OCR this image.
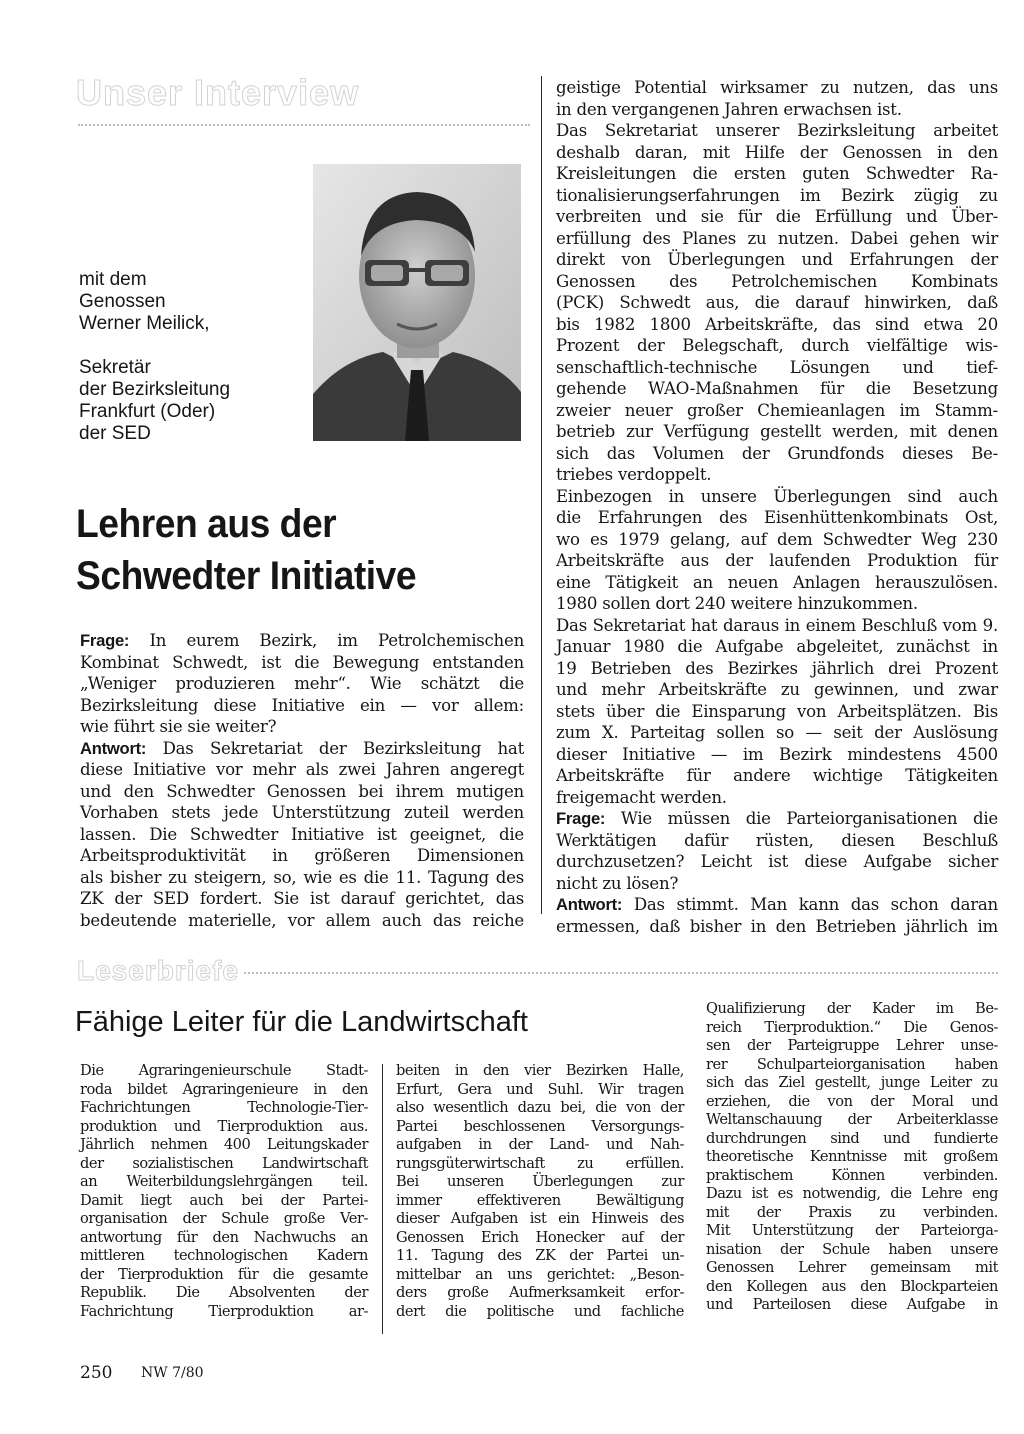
Unser Interview
mit dem
Genossen
Werner Meilick,
Sekretär
der Bezirksleitung
Frankfurt (Oder)
der SED
Lehren aus der
Schwedter Initiative
Frage: In eurem Bezirk, im Petrolchemischen
Kombinat Schwedt, ist die Bewegung entstanden
„Weniger produzieren mehr“. Wie schätzt die
Bezirksleitung diese Initiative ein — vor allem:
wie führt sie sie weiter?
Antwort: Das Sekretariat der Bezirksleitung hat
diese Initiative vor mehr als zwei Jahren angeregt
und den Schwedter Genossen bei ihrem mutigen
Vorhaben stets jede Unterstützung zuteil werden
lassen. Die Schwedter Initiative ist geeignet, die
Arbeitsproduktivität in größeren Dimensionen
als bisher zu steigern, so, wie es die 11. Tagung des
ZK der SED fordert. Sie ist darauf gerichtet, das
bedeutende materielle, vor allem auch das reiche
geistige Potential wirksamer zu nutzen, das uns
in den vergangenen Jahren erwachsen ist.
Das Sekretariat unserer Bezirksleitung arbeitet
deshalb daran, mit Hilfe der Genossen in den
Kreisleitungen die ersten guten Schwedter Ra-
tionalisierungserfahrungen im Bezirk zügig zu
verbreiten und sie für die Erfüllung und Über-
erfüllung des Planes zu nutzen. Dabei gehen wir
direkt von Überlegungen und Erfahrungen der
Genossen des Petrolchemischen Kombinats
(PCK) Schwedt aus, die darauf hinwirken, daß
bis 1982 1800 Arbeitskräfte, das sind etwa 20
Prozent der Belegschaft, durch vielfältige wis-
senschaftlich-technische Lösungen und tief-
gehende WAO-Maßnahmen für die Besetzung
zweier neuer großer Chemieanlagen im Stamm-
betrieb zur Verfügung gestellt werden, mit denen
sich das Volumen der Grundfonds dieses Be-
triebes verdoppelt.
Einbezogen in unsere Überlegungen sind auch
die Erfahrungen des Eisenhüttenkombinats Ost,
wo es 1979 gelang, auf dem Schwedter Weg 230
Arbeitskräfte aus der laufenden Produktion für
eine Tätigkeit an neuen Anlagen herauszulösen.
1980 sollen dort 240 weitere hinzukommen.
Das Sekretariat hat daraus in einem Beschluß vom 9.
Januar 1980 die Aufgabe abgeleitet, zunächst in
19 Betrieben des Bezirkes jährlich drei Prozent
und mehr Arbeitskräfte zu gewinnen, und zwar
stets über die Einsparung von Arbeitsplätzen. Bis
zum X. Parteitag sollen so — seit der Auslösung
dieser Initiative — im Bezirk mindestens 4500
Arbeitskräfte für andere wichtige Tätigkeiten
freigemacht werden.
Frage: Wie müssen die Parteiorganisationen die
Werktätigen dafür rüsten, diesen Beschluß
durchzusetzen? Leicht ist diese Aufgabe sicher
nicht zu lösen?
Antwort: Das stimmt. Man kann das schon daran
ermessen, daß bisher in den Betrieben jährlich im
Leserbriefe
Fähige Leiter für die Landwirtschaft
Die Agraringenieurschule Stadt-
roda bildet Agraringenieure in den
Fachrichtungen Technologie-Tier-
produktion und Tierproduktion aus.
Jährlich nehmen 400 Leitungskader
der sozialistischen Landwirtschaft
an Weiterbildungslehrgängen teil.
Damit liegt auch bei der Partei-
organisation der Schule große Ver-
antwortung für den Nachwuchs an
mittleren technologischen Kadern
der Tierproduktion für die gesamte
Republik. Die Absolventen der
Fachrichtung Tierproduktion ar-
beiten in den vier Bezirken Halle,
Erfurt, Gera und Suhl. Wir tragen
also wesentlich dazu bei, die von der
Partei beschlossenen Versorgungs-
aufgaben in der Land- und Nah-
rungsgüterwirtschaft zu erfüllen.
Bei unseren Überlegungen zur
immer effektiveren Bewältigung
dieser Aufgaben ist ein Hinweis des
Genossen Erich Honecker auf der
11. Tagung des ZK der Partei un-
mittelbar an uns gerichtet: „Beson-
ders große Aufmerksamkeit erfor-
dert die politische und fachliche
Qualifizierung der Kader im Be-
reich Tierproduktion.“ Die Genos-
sen der Parteigruppe Lehrer unse-
rer Schulparteiorganisation haben
sich das Ziel gestellt, junge Leiter zu
erziehen, die von der Moral und
Weltanschauung der Arbeiterklasse
durchdrungen sind und fundierte
theoretische Kenntnisse mit großem
praktischem Können verbinden.
Dazu ist es notwendig, die Lehre eng
mit der Praxis zu verbinden.
Mit Unterstützung der Parteiorga-
nisation der Schule haben unsere
Genossen Lehrer gemeinsam mit
den Kollegen aus den Blockparteien
und Parteilosen diese Aufgabe in
250 NW 7/80
